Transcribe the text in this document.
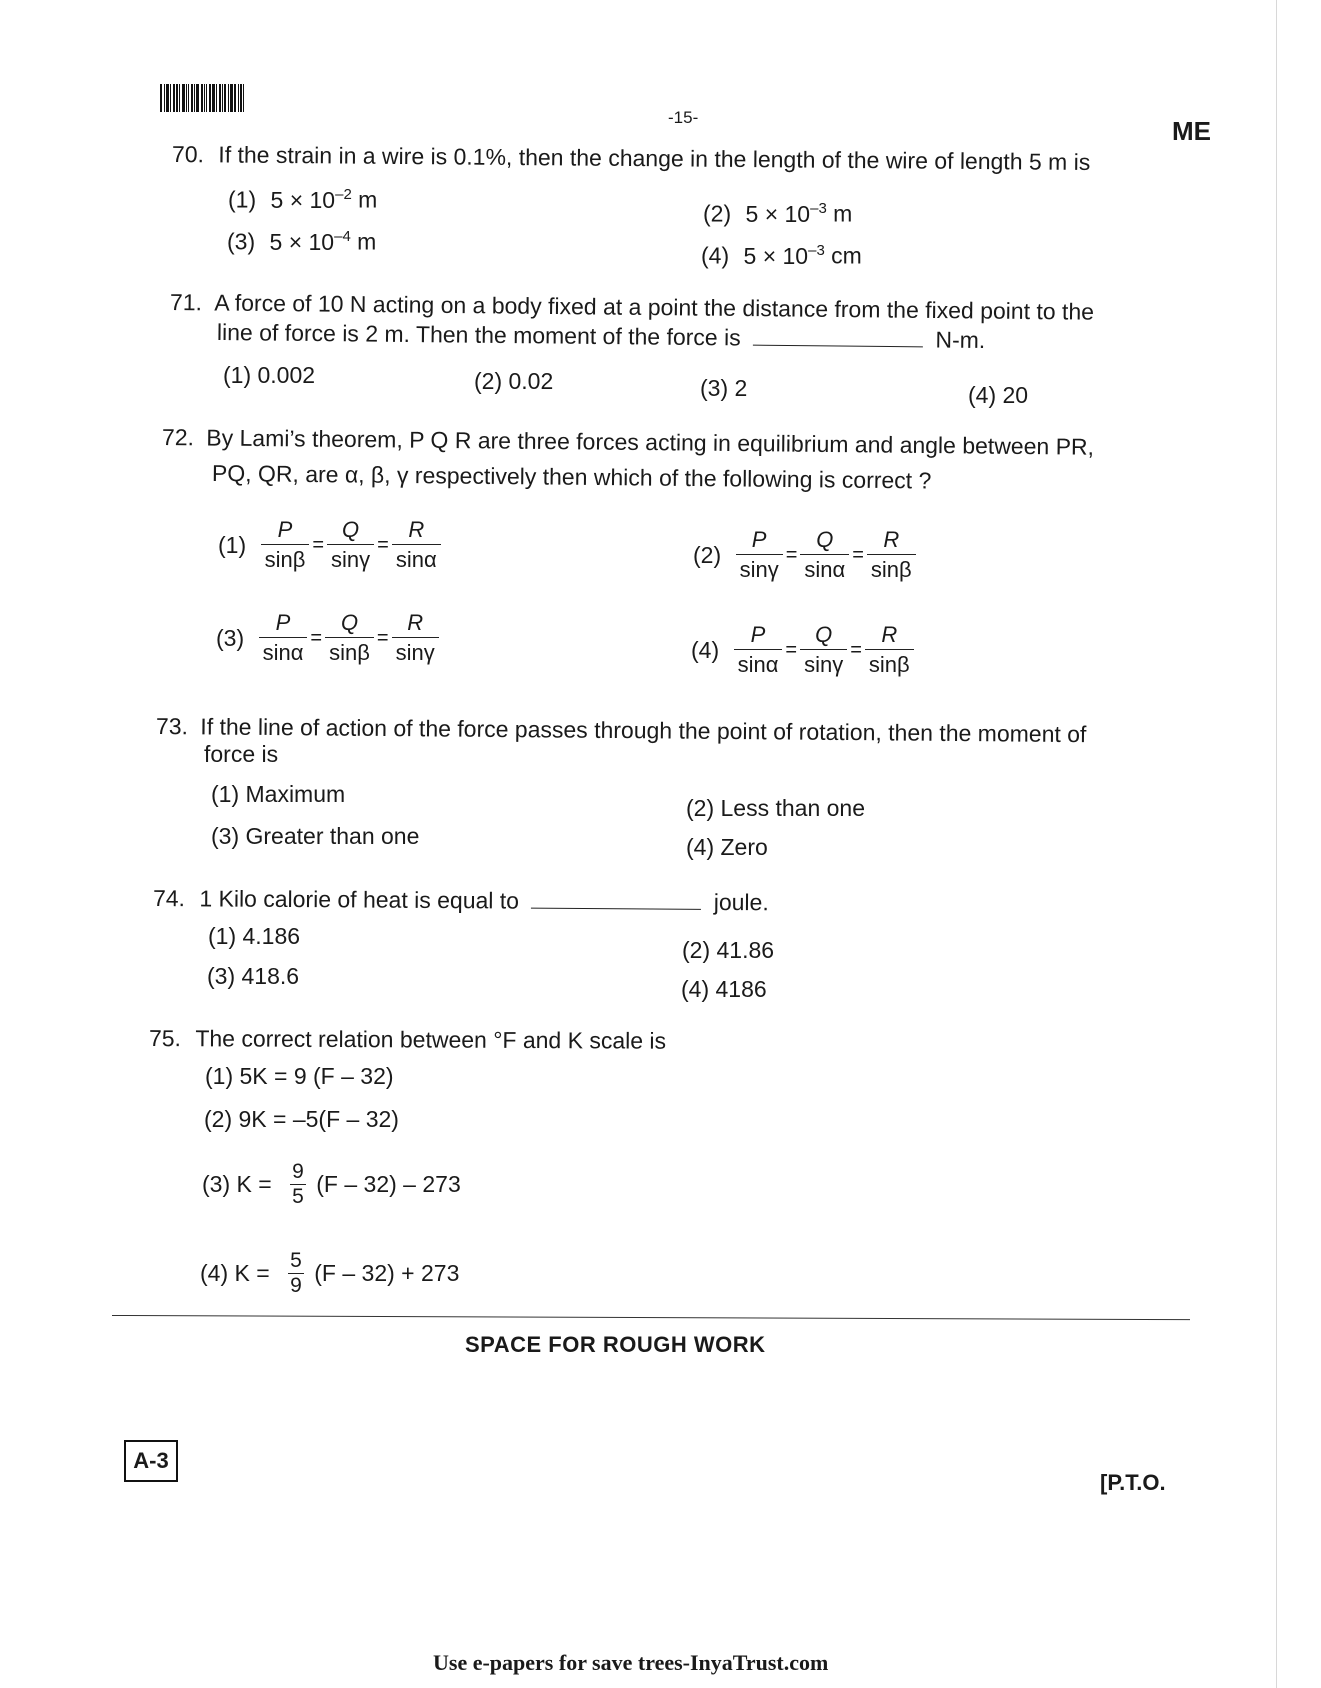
-15-	ME
70. If the strain in a wire is 0.1%, then the change in the length of the wire of length 5 m is
(1) $5 \times 10^{-2}$ m
(2) $5 \times 10^{-3}$ m
(3) $5 \times 10^{-4}$ m
(4) $5 \times 10^{-3}$ cm
71. A force of 10 N acting on a body fixed at a point the distance from the fixed point to the
line of force is 2 m. Then the moment of the force is	N-m.
(1) 0.002	(2) 0.02	(3) 2	(4) 20
72. By Lami’s theorem, P Q R are three forces acting in equilibrium and angle between PR,
PQ, QR, are α, β, γ respectively then which of the following is correct ?
$(1) \frac{P}{\sin\beta} = \frac{Q}{\sin\gamma} = \frac{R}{\sin\alpha}$	$(2) \frac{P}{\sin\gamma} = \frac{Q}{\sin\alpha} = \frac{R}{\sin\beta}$
$(3) \frac{P}{\sin\alpha} = \frac{Q}{\sin\beta} = \frac{R}{\sin\gamma}$	$(4) \frac{P}{\sin\alpha} = \frac{Q}{\sin\gamma} = \frac{R}{\sin\beta}$
73. If the line of action of the force passes through the point of rotation, then the moment of
force is
(1) Maximum
(2) Less than one
(3) Greater than one	(4) Zero
74. 1 Kilo calorie of heat is equal to	joule.
(1) 4.186
(2) 41.86
(3) 418.6	(4) 4186
75. The correct relation between °F and K scale is
(1) 5K = 9 (F – 32)
(2) 9K = –5(F – 32)
(3) $K = \frac{9}{5} (F - 32) - 273$
(4) $K = \frac{5}{9} (F - 32) + 273$
SPACE FOR ROUGH WORK
A-3
[P.T.O.
Use e-papers for save trees-InyaTrust.com
